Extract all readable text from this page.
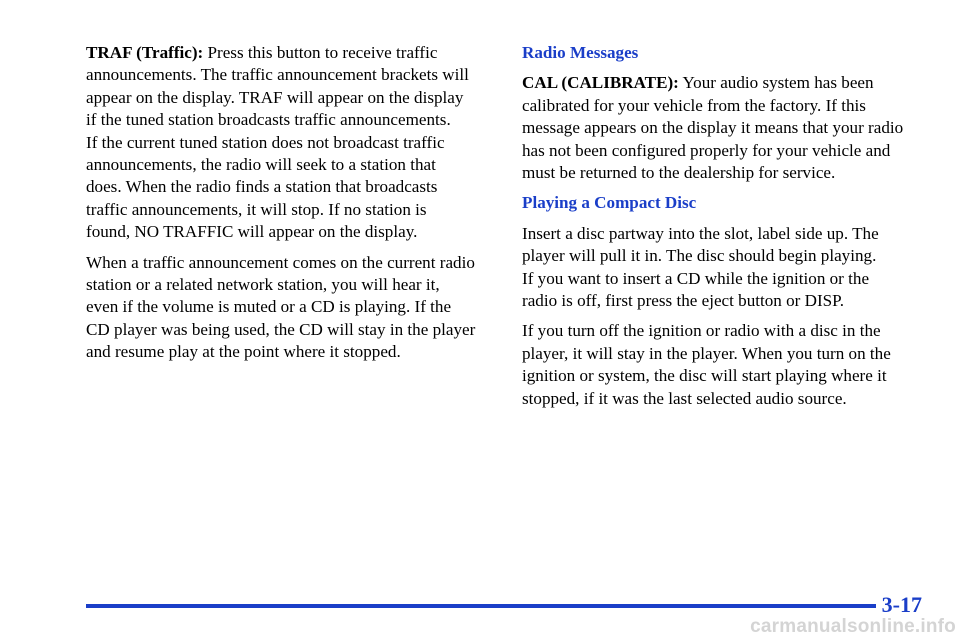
TRAF (Traffic): Press this button to receive traffic
announcements. The traffic announcement brackets will
appear on the display. TRAF will appear on the display
if the tuned station broadcasts traffic announcements.
If the current tuned station does not broadcast traffic
announcements, the radio will seek to a station that
does. When the radio finds a station that broadcasts
traffic announcements, it will stop. If no station is
found, NO TRAFFIC will appear on the display.
When a traffic announcement comes on the current radio
station or a related network station, you will hear it,
even if the volume is muted or a CD is playing. If the
CD player was being used, the CD will stay in the player
and resume play at the point where it stopped.
Radio Messages
CAL (CALIBRATE): Your audio system has been
calibrated for your vehicle from the factory. If this
message appears on the display it means that your radio
has not been configured properly for your vehicle and
must be returned to the dealership for service.
Playing a Compact Disc
Insert a disc partway into the slot, label side up. The
player will pull it in. The disc should begin playing.
If you want to insert a CD while the ignition or the
radio is off, first press the eject button or DISP.
If you turn off the ignition or radio with a disc in the
player, it will stay in the player. When you turn on the
ignition or system, the disc will start playing where it
stopped, if it was the last selected audio source.
3-17
carmanualsonline.info
